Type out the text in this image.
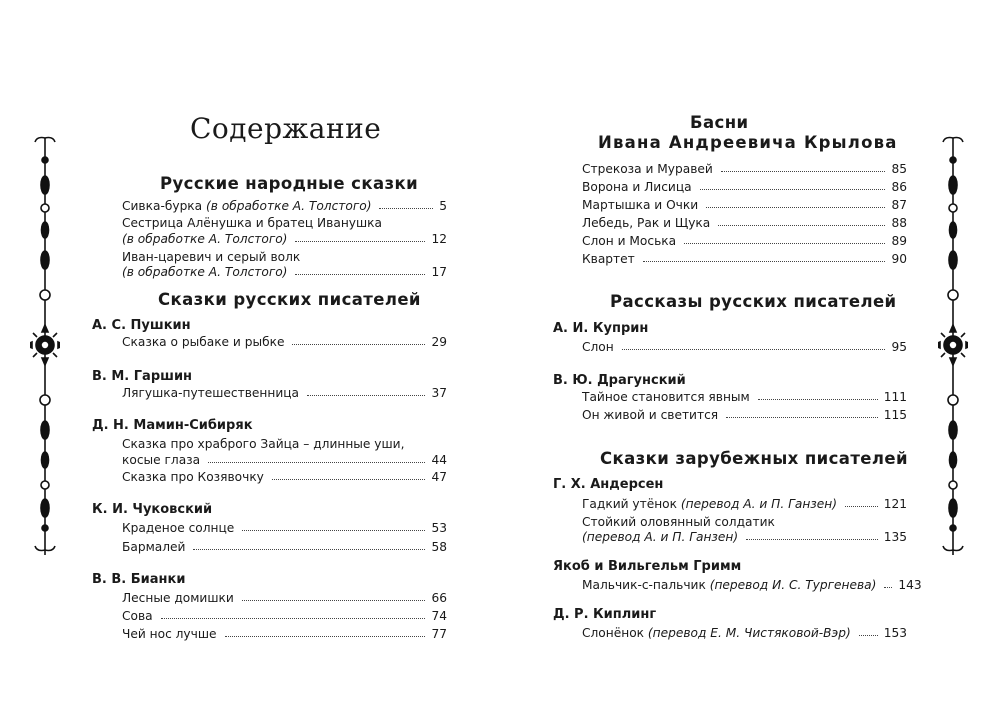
Содержание
Русские народные сказки
Сивка-бурка (в обработке А. Толстого)	5
Сестрица Алёнушка и братец Иванушка
(в обработке А. Толстого)	12
Иван-царевич и серый волк
(в обработке А. Толстого)	17
Сказки русских писателей
А. С. Пушкин
Сказка о рыбаке и рыбке	29
В. М. Гаршин
Лягушка-путешественница	37
Д. Н. Мамин-Сибиряк
Сказка про храброго Зайца – длинные уши,
косые глаза	44
Сказка про Козявочку	47
К. И. Чуковский
Краденое солнце	53
Бармалей	58
В. В. Бианки
Лесные домишки	66
Сова	74
Чей нос лучше	77
Басни
Ивана Андреевича Крылова
Стрекоза и Муравей	85
Ворона и Лисица	86
Мартышка и Очки	87
Лебедь, Рак и Щука	88
Слон и Моська	89
Квартет	90
Рассказы русских писателей
А. И. Куприн
Слон	95
В. Ю. Драгунский
Тайное становится явным	111
Он живой и светится	115
Сказки зарубежных писателей
Г. Х. Андерсен
Гадкий утёнок (перевод А. и П. Ганзен)	121
Стойкий оловянный солдатик
(перевод А. и П. Ганзен)	135
Якоб и Вильгельм Гримм
Мальчик-с-пальчик (перевод И. С. Тургенева) 143
Д. Р. Киплинг
Слонёнок (перевод Е. М. Чистяковой-Вэр)	153
